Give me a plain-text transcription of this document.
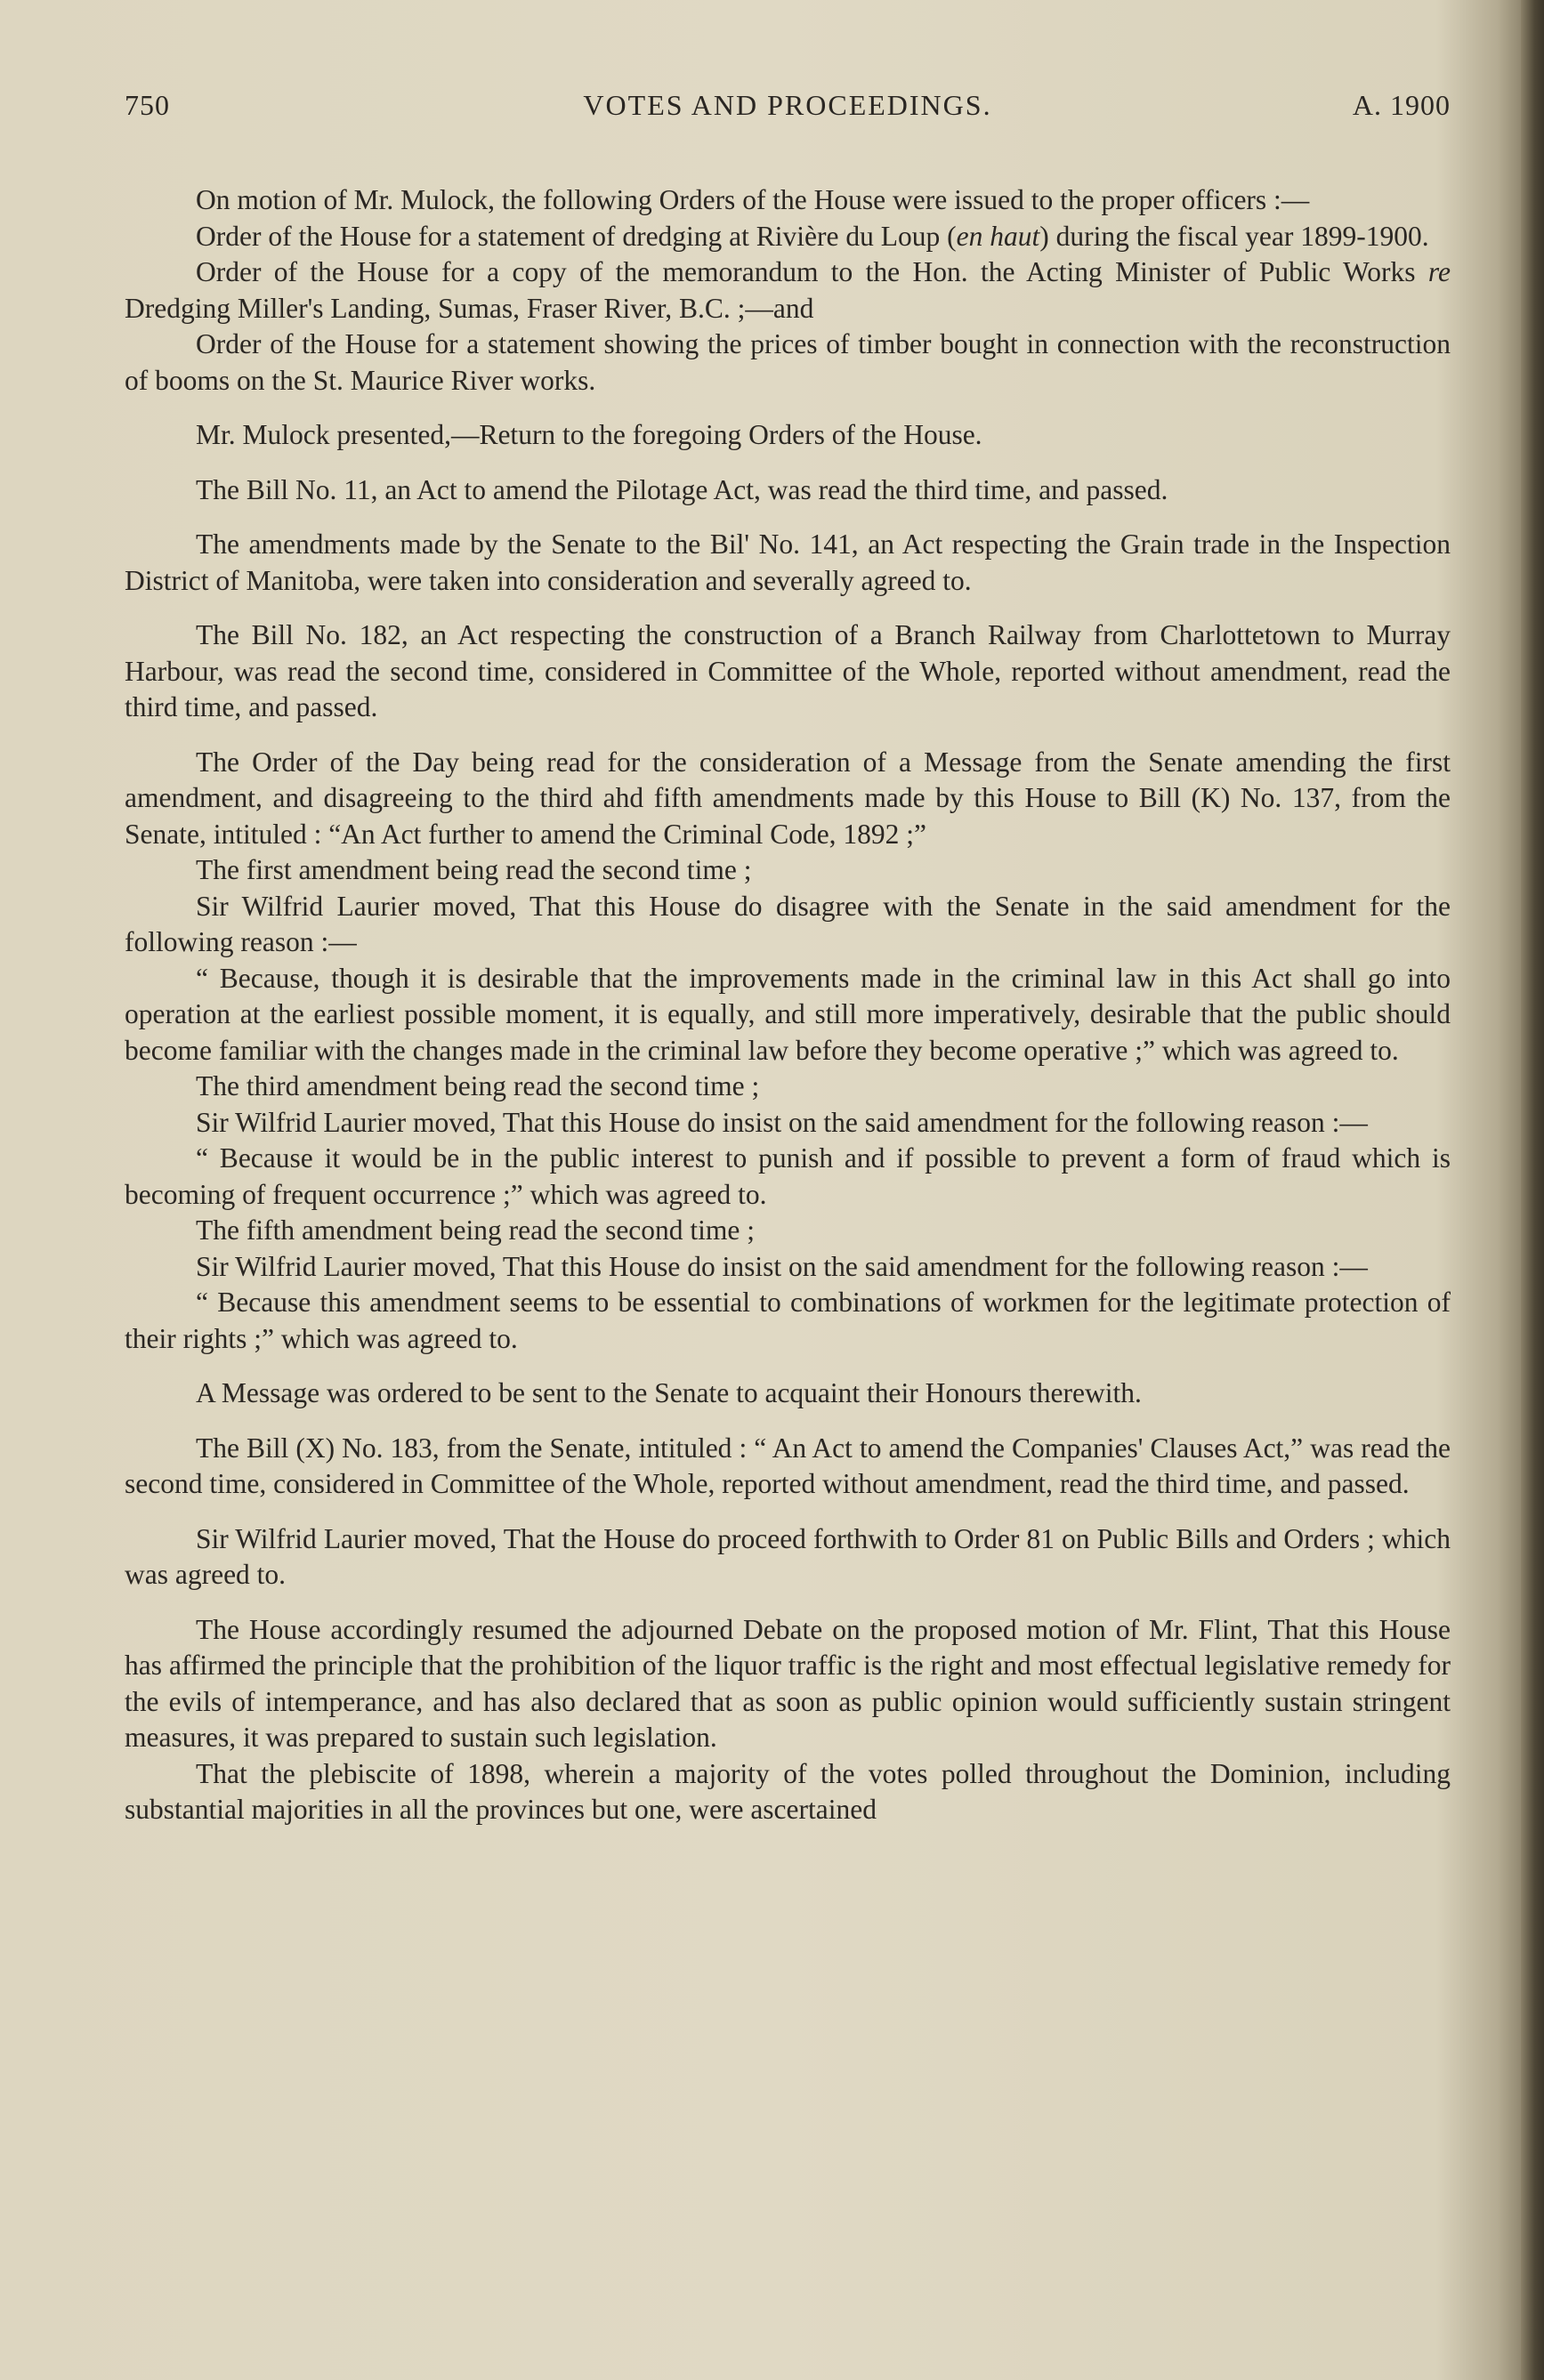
750	VOTES AND PROCEEDINGS.	A. 1900

On motion of Mr. Mulock, the following Orders of the House were issued to the proper officers :—

Order of the House for a statement of dredging at Rivière du Loup (en haut) during the fiscal year 1899-1900.

Order of the House for a copy of the memorandum to the Hon. the Acting Minister of Public Works re Dredging Miller's Landing, Sumas, Fraser River, B.C. ;—and

Order of the House for a statement showing the prices of timber bought in connection with the reconstruction of booms on the St. Maurice River works.

Mr. Mulock presented,—Return to the foregoing Orders of the House.

The Bill No. 11, an Act to amend the Pilotage Act, was read the third time, and passed.

The amendments made by the Senate to the Bil' No. 141, an Act respecting the Grain trade in the Inspection District of Manitoba, were taken into consideration and severally agreed to.

The Bill No. 182, an Act respecting the construction of a Branch Railway from Charlottetown to Murray Harbour, was read the second time, considered in Committee of the Whole, reported without amendment, read the third time, and passed.

The Order of the Day being read for the consideration of a Message from the Senate amending the first amendment, and disagreeing to the third ahd fifth amendments made by this House to Bill (K) No. 137, from the Senate, intituled : “An Act further to amend the Criminal Code, 1892 ;”

The first amendment being read the second time ;

Sir Wilfrid Laurier moved, That this House do disagree with the Senate in the said amendment for the following reason :—

“ Because, though it is desirable that the improvements made in the criminal law in this Act shall go into operation at the earliest possible moment, it is equally, and still more imperatively, desirable that the public should become familiar with the changes made in the criminal law before they become operative ;” which was agreed to.

The third amendment being read the second time ;

Sir Wilfrid Laurier moved, That this House do insist on the said amendment for the following reason :—

“ Because it would be in the public interest to punish and if possible to prevent a form of fraud which is becoming of frequent occurrence ;” which was agreed to.

The fifth amendment being read the second time ;

Sir Wilfrid Laurier moved, That this House do insist on the said amendment for the following reason :—

“ Because this amendment seems to be essential to combinations of workmen for the legitimate protection of their rights ;” which was agreed to.

A Message was ordered to be sent to the Senate to acquaint their Honours therewith.

The Bill (X) No. 183, from the Senate, intituled : “ An Act to amend the Companies' Clauses Act,” was read the second time, considered in Committee of the Whole, reported without amendment, read the third time, and passed.

Sir Wilfrid Laurier moved, That the House do proceed forthwith to Order 81 on Public Bills and Orders ; which was agreed to.

The House accordingly resumed the adjourned Debate on the proposed motion of Mr. Flint, That this House has affirmed the principle that the prohibition of the liquor traffic is the right and most effectual legislative remedy for the evils of intemperance, and has also declared that as soon as public opinion would sufficiently sustain stringent measures, it was prepared to sustain such legislation.

That the plebiscite of 1898, wherein a majority of the votes polled throughout the Dominion, including substantial majorities in all the provinces but one, were ascertained
